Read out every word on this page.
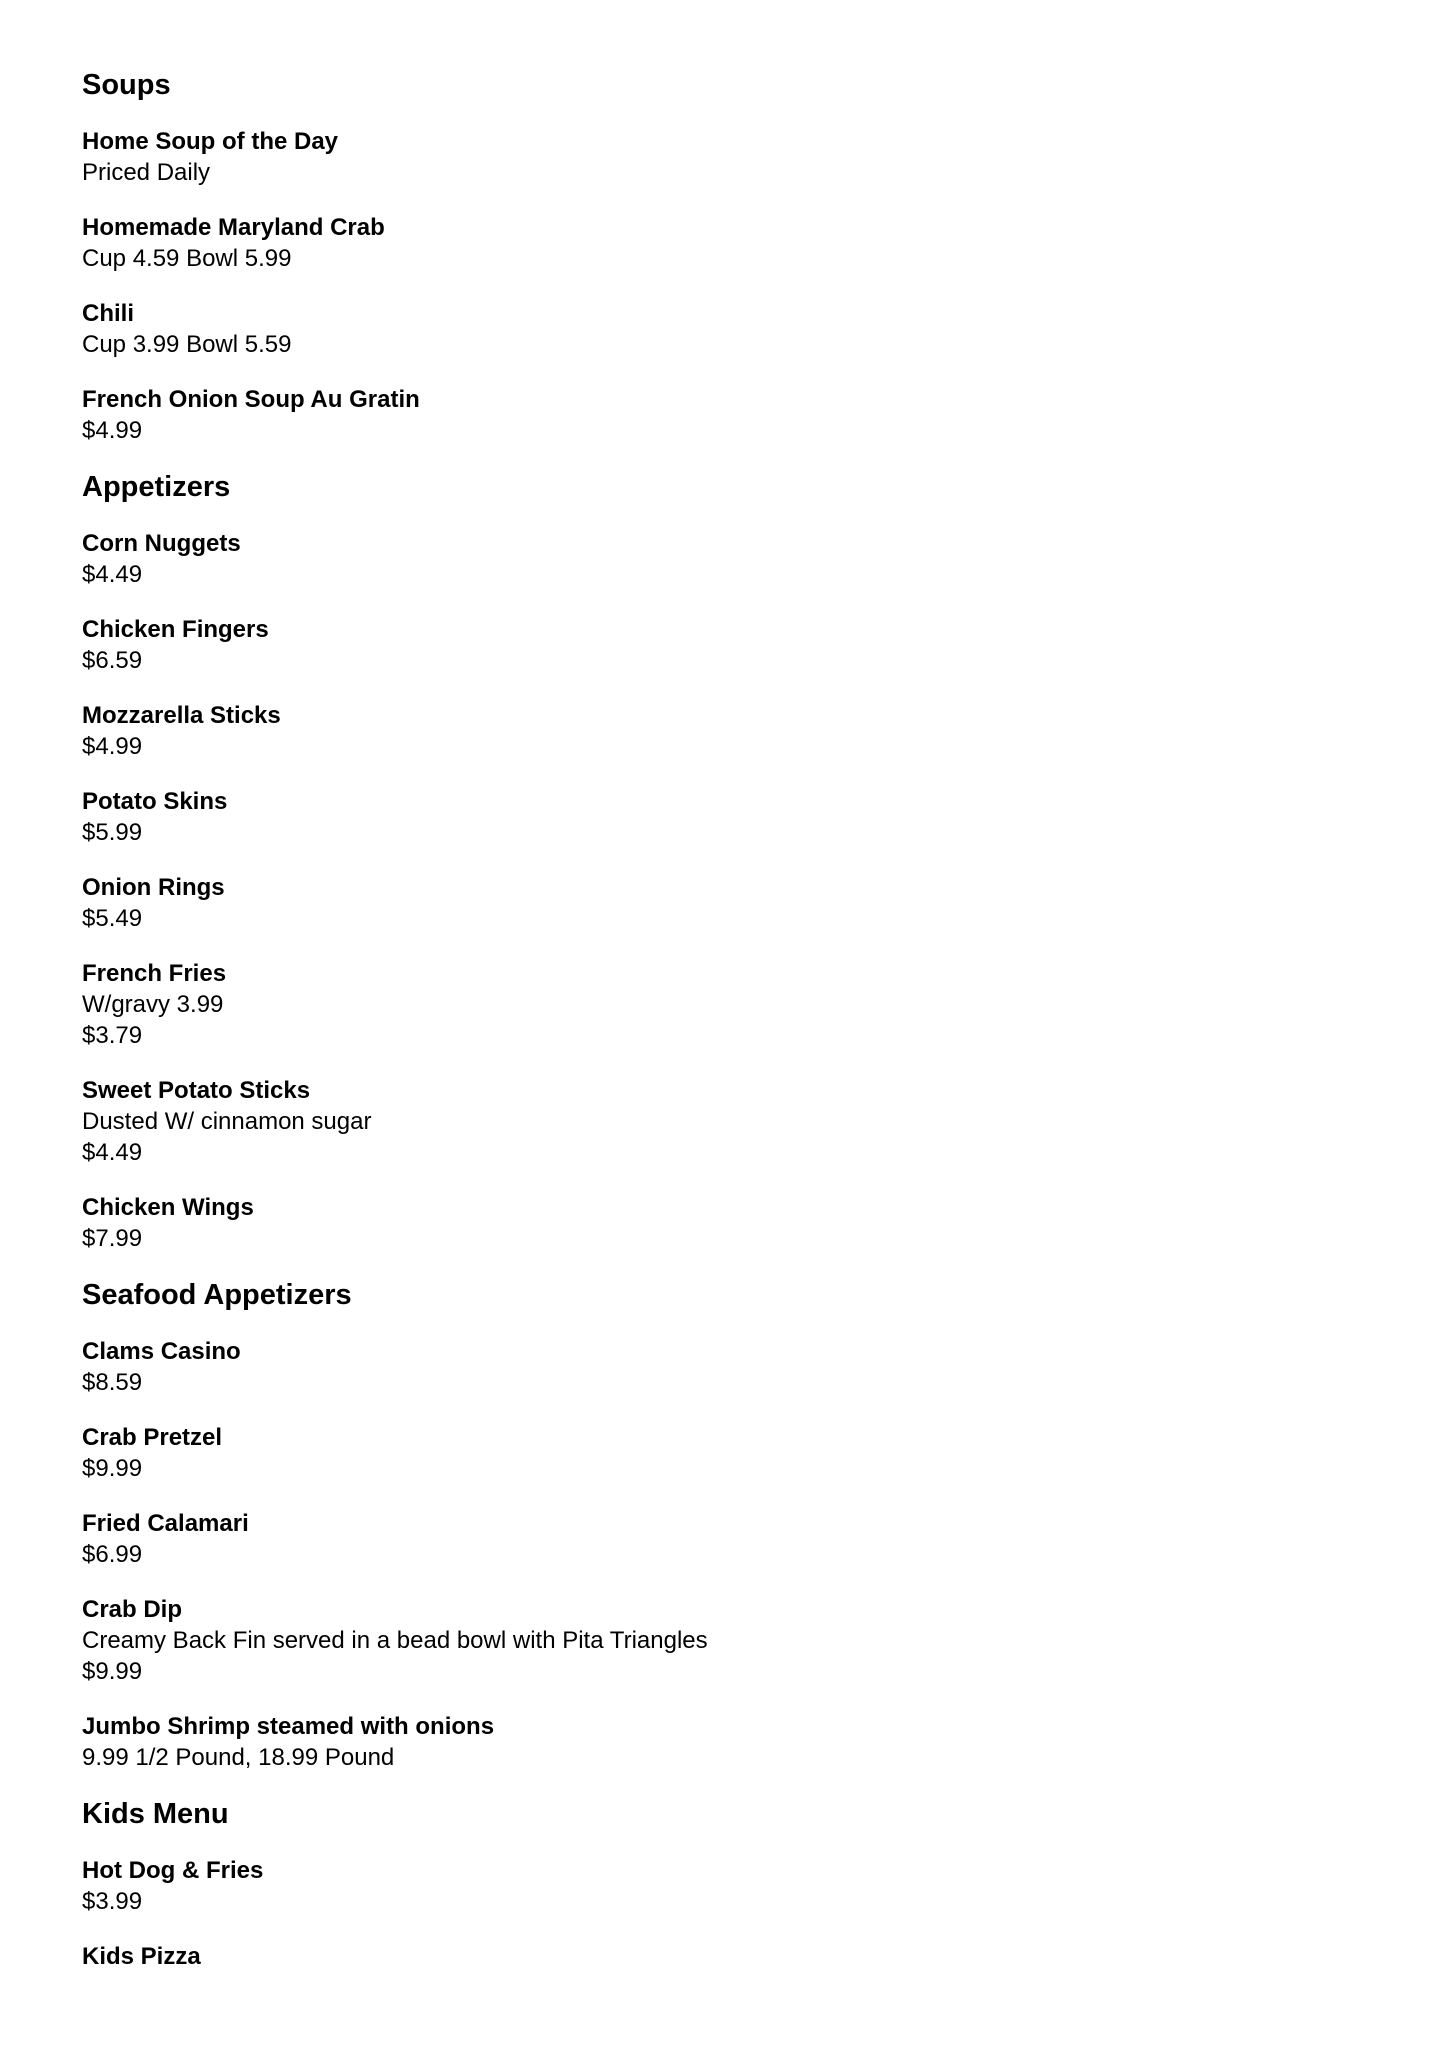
Soups
Home Soup of the Day
Priced Daily
Homemade Maryland Crab
Cup 4.59 Bowl 5.99
Chili
Cup 3.99 Bowl 5.59
French Onion Soup Au Gratin
$4.99
Appetizers
Corn Nuggets
$4.49
Chicken Fingers
$6.59
Mozzarella Sticks
$4.99
Potato Skins
$5.99
Onion Rings
$5.49
French Fries
W/gravy 3.99
$3.79
Sweet Potato Sticks
Dusted W/ cinnamon sugar
$4.49
Chicken Wings
$7.99
Seafood Appetizers
Clams Casino
$8.59
Crab Pretzel
$9.99
Fried Calamari
$6.99
Crab Dip
Creamy Back Fin served in a bead bowl with Pita Triangles
$9.99
Jumbo Shrimp steamed with onions
9.99 1/2 Pound, 18.99 Pound
Kids Menu
Hot Dog & Fries
$3.99
Kids Pizza
